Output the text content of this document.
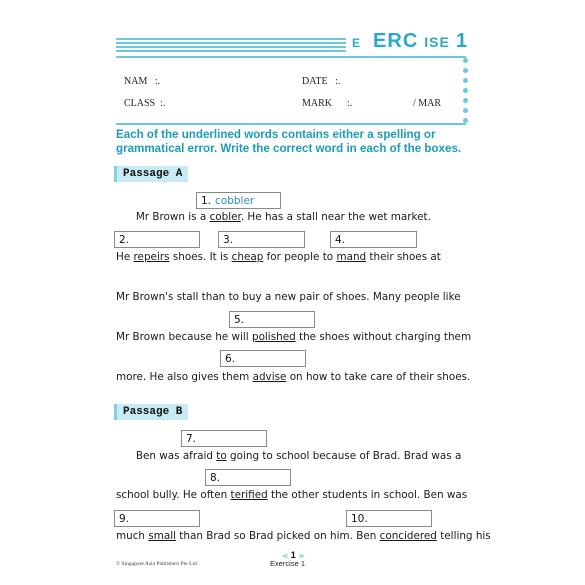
E ERC ISE 1
NAM :.	DATE :.
CLASS :.	MARK :.	/ MAR
Each of the underlined words contains either a spelling or grammatical error. Write the correct word in each of the boxes.
Passage A
1. cobbler
Mr Brown is a cobler. He has a stall near the wet market.
2.	3.	4.
He repeirs shoes. It is cheap for people to mand their shoes at
Mr Brown's stall than to buy a new pair of shoes. Many people like
5.
Mr Brown because he will polished the shoes without charging them
6.
more. He also gives them advise on how to take care of their shoes.
Passage B
7.
Ben was afraid to going to school because of Brad. Brad was a
8.
school bully. He often terified the other students in school. Ben was
9.	10.
much small than Brad so Brad picked on him. Ben concidered telling his
© Singapore Asia Publishers Pte Ltd
≪ 1 ≫
Exercise 1
